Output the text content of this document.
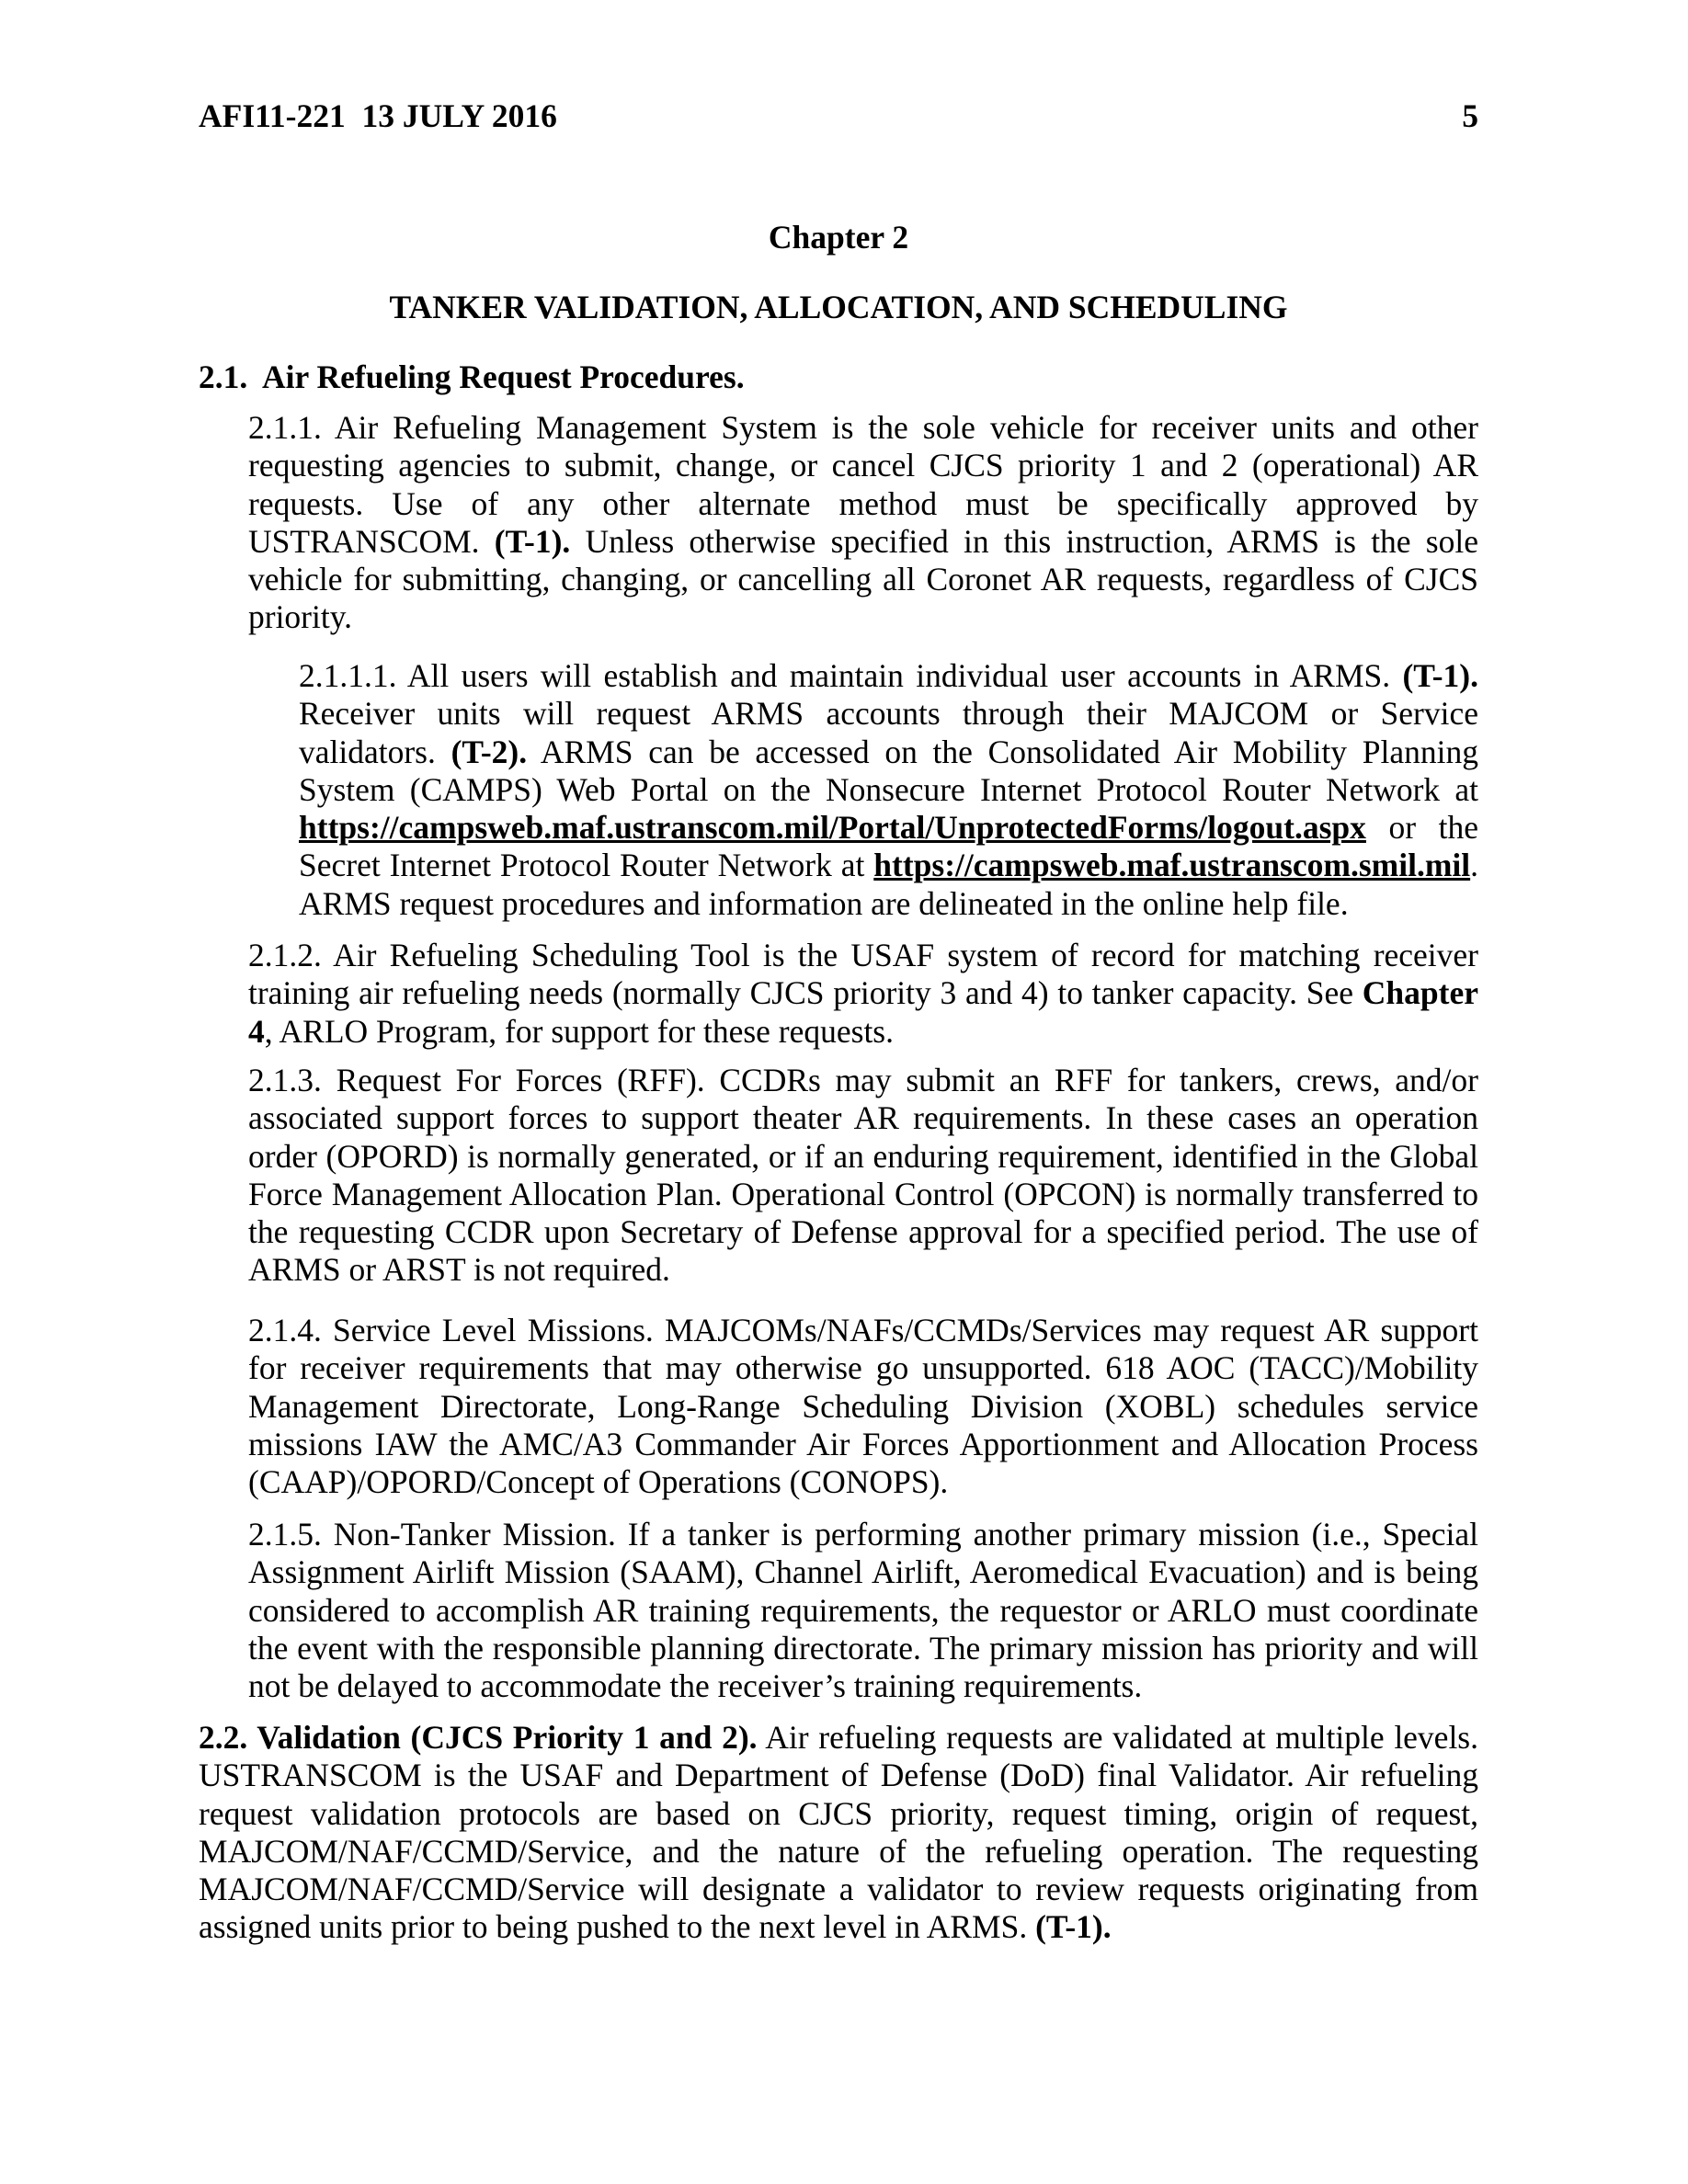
AFI11-221  13 JULY 2016	5
Chapter 2
TANKER VALIDATION, ALLOCATION, AND SCHEDULING
2.1.  Air Refueling Request Procedures.

2.1.1. Air Refueling Management System is the sole vehicle for receiver units and other requesting agencies to submit, change, or cancel CJCS priority 1 and 2 (operational) AR requests. Use of any other alternate method must be specifically approved by USTRANSCOM. (T-1). Unless otherwise specified in this instruction, ARMS is the sole vehicle for submitting, changing, or cancelling all Coronet AR requests, regardless of CJCS priority.

2.1.1.1. All users will establish and maintain individual user accounts in ARMS. (T-1). Receiver units will request ARMS accounts through their MAJCOM or Service validators. (T-2). ARMS can be accessed on the Consolidated Air Mobility Planning System (CAMPS) Web Portal on the Nonsecure Internet Protocol Router Network at https://campsweb.maf.ustranscom.mil/Portal/UnprotectedForms/logout.aspx or the Secret Internet Protocol Router Network at https://campsweb.maf.ustranscom.smil.mil. ARMS request procedures and information are delineated in the online help file.

2.1.2. Air Refueling Scheduling Tool is the USAF system of record for matching receiver training air refueling needs (normally CJCS priority 3 and 4) to tanker capacity. See Chapter 4, ARLO Program, for support for these requests.

2.1.3. Request For Forces (RFF). CCDRs may submit an RFF for tankers, crews, and/or associated support forces to support theater AR requirements. In these cases an operation order (OPORD) is normally generated, or if an enduring requirement, identified in the Global Force Management Allocation Plan. Operational Control (OPCON) is normally transferred to the requesting CCDR upon Secretary of Defense approval for a specified period. The use of ARMS or ARST is not required.

2.1.4. Service Level Missions. MAJCOMs/NAFs/CCMDs/Services may request AR support for receiver requirements that may otherwise go unsupported. 618 AOC (TACC)/Mobility Management Directorate, Long-Range Scheduling Division (XOBL) schedules service missions IAW the AMC/A3 Commander Air Forces Apportionment and Allocation Process (CAAP)/OPORD/Concept of Operations (CONOPS).

2.1.5. Non-Tanker Mission. If a tanker is performing another primary mission (i.e., Special Assignment Airlift Mission (SAAM), Channel Airlift, Aeromedical Evacuation) and is being considered to accomplish AR training requirements, the requestor or ARLO must coordinate the event with the responsible planning directorate. The primary mission has priority and will not be delayed to accommodate the receiver’s training requirements.

2.2. Validation (CJCS Priority 1 and 2). Air refueling requests are validated at multiple levels. USTRANSCOM is the USAF and Department of Defense (DoD) final Validator. Air refueling request validation protocols are based on CJCS priority, request timing, origin of request, MAJCOM/NAF/CCMD/Service, and the nature of the refueling operation. The requesting MAJCOM/NAF/CCMD/Service will designate a validator to review requests originating from assigned units prior to being pushed to the next level in ARMS. (T-1).
